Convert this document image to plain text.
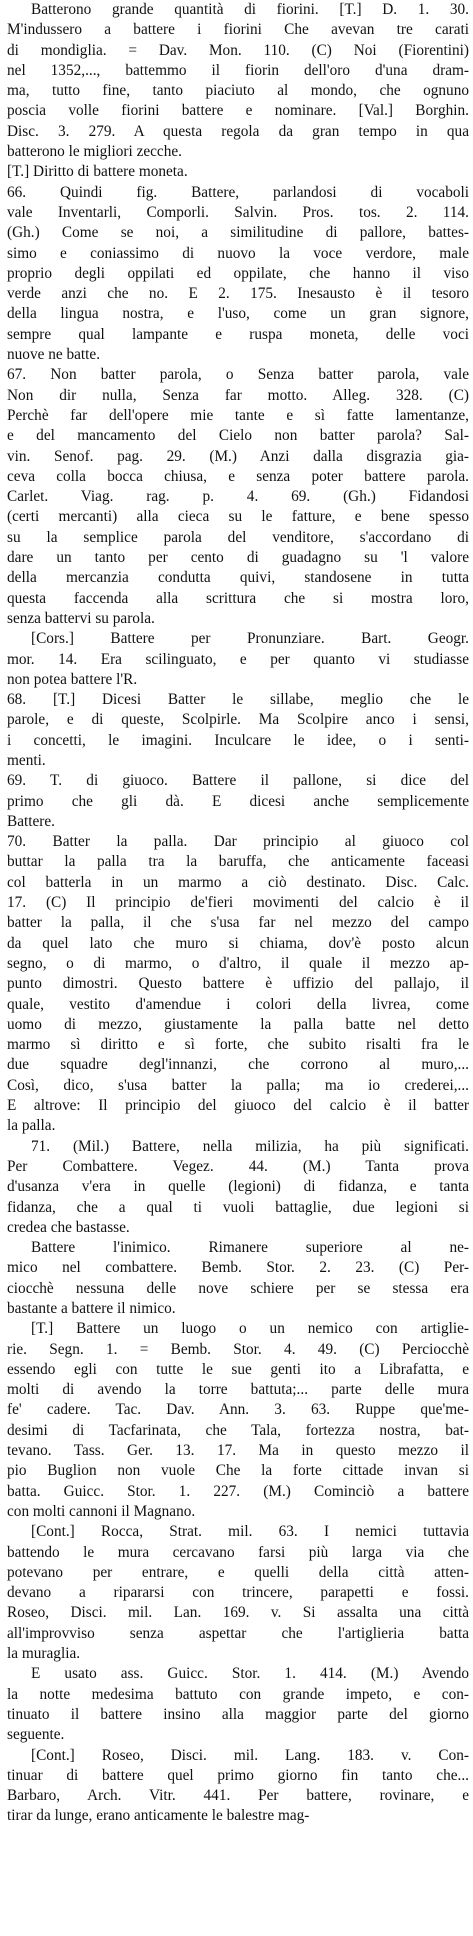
Batterono grande quantità di fiorini. [T.] D. 1. 30.
M'indussero a battere i fiorini Che avevan tre carati
di mondiglia. = Dav. Mon. 110. (C) Noi (Fiorentini)
nel 1352,..., battemmo il fiorin dell'oro d'una dram-
ma, tutto fine, tanto piaciuto al mondo, che ognuno
poscia volle fiorini battere e nominare. [Val.] Borghin.
Disc. 3. 279. A questa regola da gran tempo in qua
batterono le migliori zecche.
[T.] Diritto di battere moneta.
66. Quindi fig. Battere, parlandosi di vocaboli
vale Inventarli, Comporli. Salvin. Pros. tos. 2. 114.
(Gh.) Come se noi, a similitudine di pallore, battes-
simo e coniassimo di nuovo la voce verdore, male
proprio degli oppilati ed oppilate, che hanno il viso
verde anzi che no. E 2. 175. Inesausto è il tesoro
della lingua nostra, e l'uso, come un gran signore,
sempre qual lampante e ruspa moneta, delle voci
nuove ne batte.
67. Non batter parola, o Senza batter parola, vale
Non dir nulla, Senza far motto. Alleg. 328. (C)
Perchè far dell'opere mie tante e sì fatte lamentanze,
e del mancamento del Cielo non batter parola? Sal-
vin. Senof. pag. 29. (M.) Anzi dalla disgrazia gia-
ceva colla bocca chiusa, e senza poter battere parola.
Carlet. Viag. rag. p. 4. 69. (Gh.) Fidandosi
(certi mercanti) alla cieca su le fatture, e bene spesso
su la semplice parola del venditore, s'accordano di
dare un tanto per cento di guadagno su 'l valore
della mercanzia condutta quivi, standosene in tutta
questa faccenda alla scrittura che si mostra loro,
senza battervi su parola.
[Cors.] Battere per Pronunziare. Bart. Geogr.
mor. 14. Era scilinguato, e per quanto vi studiasse
non poteа battere l'R.
68. [T.] Dicesi Batter le sillabe, meglio che le
parole, e di queste, Scolpirle. Ma Scolpire anco i sensi,
i concetti, le imagini. Inculcare le idee, o i senti-
menti.
69. T. di giuoco. Battere il pallone, si dice del
primo che gli dà. E dicesi anche semplicemente
Battere.
70. Batter la palla. Dar principio al giuoco col
buttar la palla tra la baruffa, che anticamente faceasi
col batterla in un marmo a ciò destinato. Disc. Calc.
17. (C) Il principio de'fieri movimenti del calcio è il
batter la palla, il che s'usa far nel mezzo del campo
da quel lato che muro si chiama, dov'è posto alcun
segno, o di marmo, o d'altro, il quale il mezzo ap-
punto dimostri. Questo battere è uffizio del pallajo, il
quale, vestito d'amendue i colori della livrea, come
uomo di mezzo, giustamente la palla batte nel detto
marmo sì diritto e sì forte, che subito risalti fra le
due squadre degl'innanzi, che corrono al muro,...
Così, dico, s'usa batter la palla; ma io crederei,...
E altrove: Il principio del giuoco del calcio è il batter
la palla.
71. (Mil.) Battere, nella milizia, ha più significati.
Per Combattere. Vegez. 44. (M.) Tanta prova
d'usanza v'era in quelle (legioni) di fidanza, e tanta
fidanza, che a qual ti vuoli battaglie, due legioni si
credea che bastasse.
Battere l'inimico. Rimanere superiore al ne-
mico nel combattere. Bemb. Stor. 2. 23. (C) Per-
ciocchè nessuna delle nove schiere per se stessa era
bastante a battere il nimico.
[T.] Battere un luogo o un nemico con artiglie-
rie. Segn. 1. = Bemb. Stor. 4. 49. (C) Perciocchè
essendo egli con tutte le sue genti ito a Librafatta, e
molti di avendo la torre battuta;... parte delle mura
fe' cadere. Tac. Dav. Ann. 3. 63. Ruppe que'me-
desimi di Tacfarinata, che Tala, fortezza nostra, bat-
tevano. Tass. Ger. 13. 17. Ma in questo mezzo il
pio Buglion non vuole Che la forte cittade invan si
batta. Guicc. Stor. 1. 227. (M.) Cominciò a battere
con molti cannoni il Magnano.
[Cont.] Rocca, Strat. mil. 63. I nemici tuttavia
battendo le mura cercavano farsi più larga via che
potevano per entrare, e quelli della città atten-
devano a ripararsi con trincere, parapetti e fossi.
Roseo, Disci. mil. Lan. 169. v. Si assalta una città
all'improvviso senza aspettar che l'artiglieria batta
la muraglia.
E usato ass. Guicc. Stor. 1. 414. (M.) Avendo
la notte medesima battuto con grande impeto, e con-
tinuato il battere insino alla maggior parte del giorno
seguente.
[Cont.] Roseo, Disci. mil. Lang. 183. v. Con-
tinuar di battere quel primo giorno fin tanto che...
Barbaro, Arch. Vitr. 441. Per battere, rovinare, e
tirar da lunge, erano anticamente le balestre mag-
